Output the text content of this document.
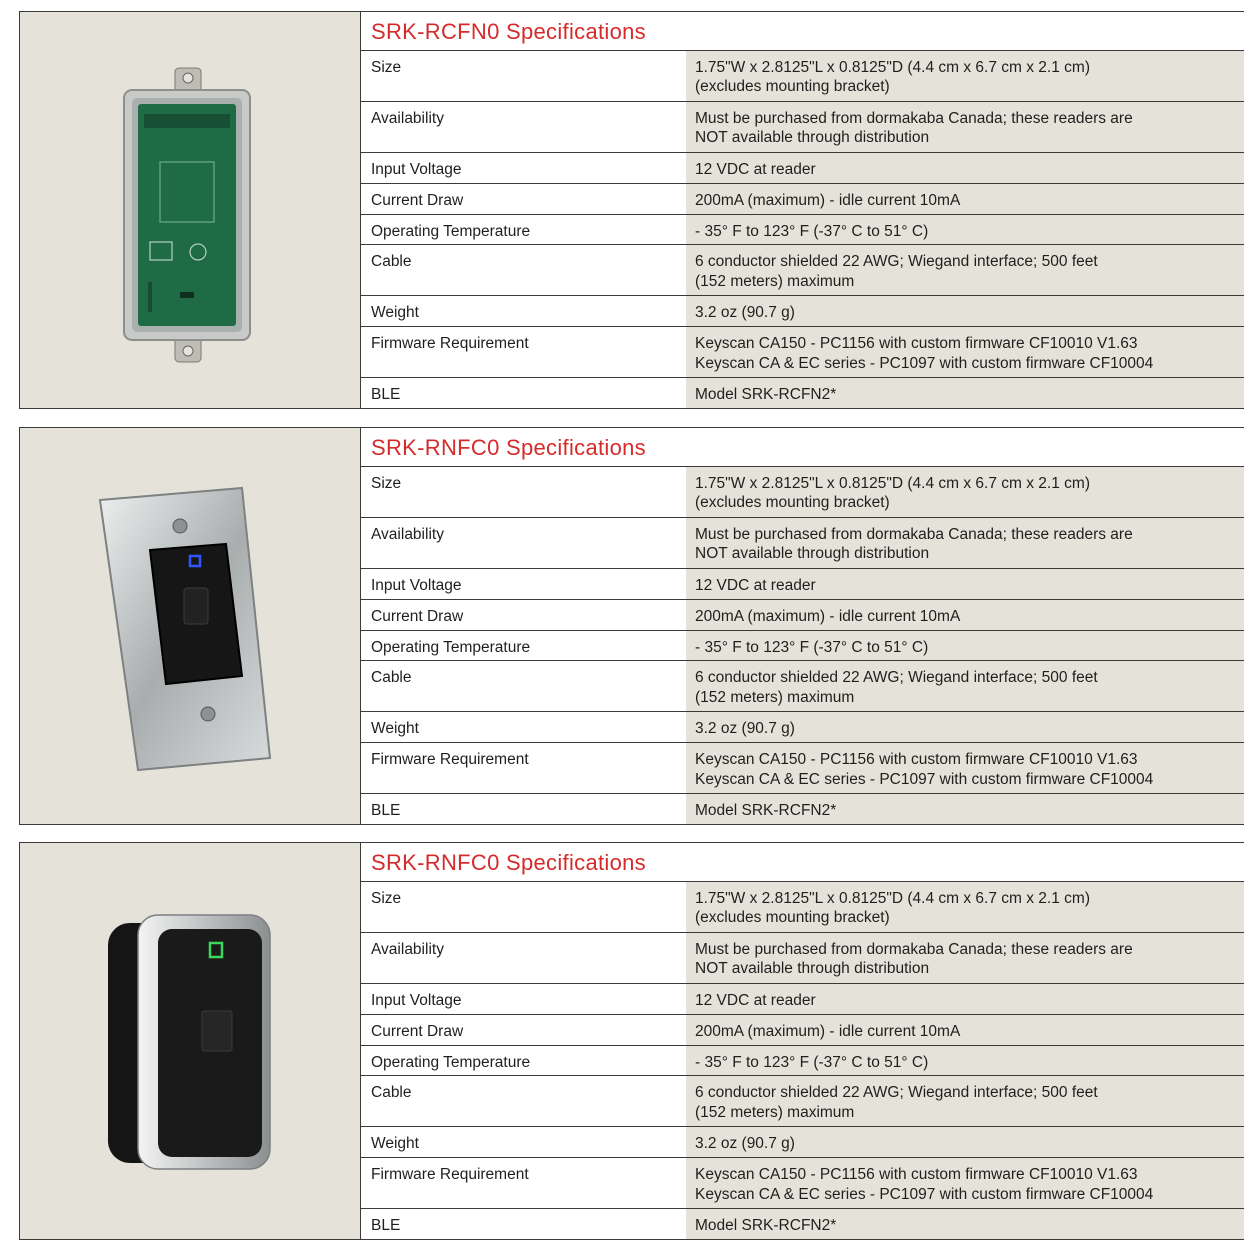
SRK-RCFN0 Specifications
Size	1.75"W x 2.8125"L x 0.8125"D (4.4 cm x 6.7 cm x 2.1 cm)
(excludes mounting bracket)
Availability	Must be purchased from dormakaba Canada; these readers are
NOT available through distribution
Input Voltage	12 VDC at reader
Current Draw	200mA (maximum) - idle current 10mA
Operating Temperature	- 35° F to 123° F (-37° C to 51° C)
Cable	6 conductor shielded 22 AWG; Wiegand interface; 500 feet
(152 meters) maximum
Weight	3.2 oz (90.7 g)
Firmware Requirement	Keyscan CA150 - PC1156 with custom firmware CF10010 V1.63
Keyscan CA & EC series - PC1097 with custom firmware CF10004
BLE	Model SRK-RCFN2*
SRK-RNFC0 Specifications
Size	1.75"W x 2.8125"L x 0.8125"D (4.4 cm x 6.7 cm x 2.1 cm)
(excludes mounting bracket)
Availability	Must be purchased from dormakaba Canada; these readers are
NOT available through distribution
Input Voltage	12 VDC at reader
Current Draw	200mA (maximum) - idle current 10mA
Operating Temperature	- 35° F to 123° F (-37° C to 51° C)
Cable	6 conductor shielded 22 AWG; Wiegand interface; 500 feet
(152 meters) maximum
Weight	3.2 oz (90.7 g)
Firmware Requirement	Keyscan CA150 - PC1156 with custom firmware CF10010 V1.63
Keyscan CA & EC series - PC1097 with custom firmware CF10004
BLE	Model SRK-RCFN2*
SRK-RNFC0 Specifications
Size	1.75"W x 2.8125"L x 0.8125"D (4.4 cm x 6.7 cm x 2.1 cm)
(excludes mounting bracket)
Availability	Must be purchased from dormakaba Canada; these readers are
NOT available through distribution
Input Voltage	12 VDC at reader
Current Draw	200mA (maximum) - idle current 10mA
Operating Temperature	- 35° F to 123° F (-37° C to 51° C)
Cable	6 conductor shielded 22 AWG; Wiegand interface; 500 feet
(152 meters) maximum
Weight	3.2 oz (90.7 g)
Firmware Requirement	Keyscan CA150 - PC1156 with custom firmware CF10010 V1.63
Keyscan CA & EC series - PC1097 with custom firmware CF10004
BLE	Model SRK-RCFN2*
